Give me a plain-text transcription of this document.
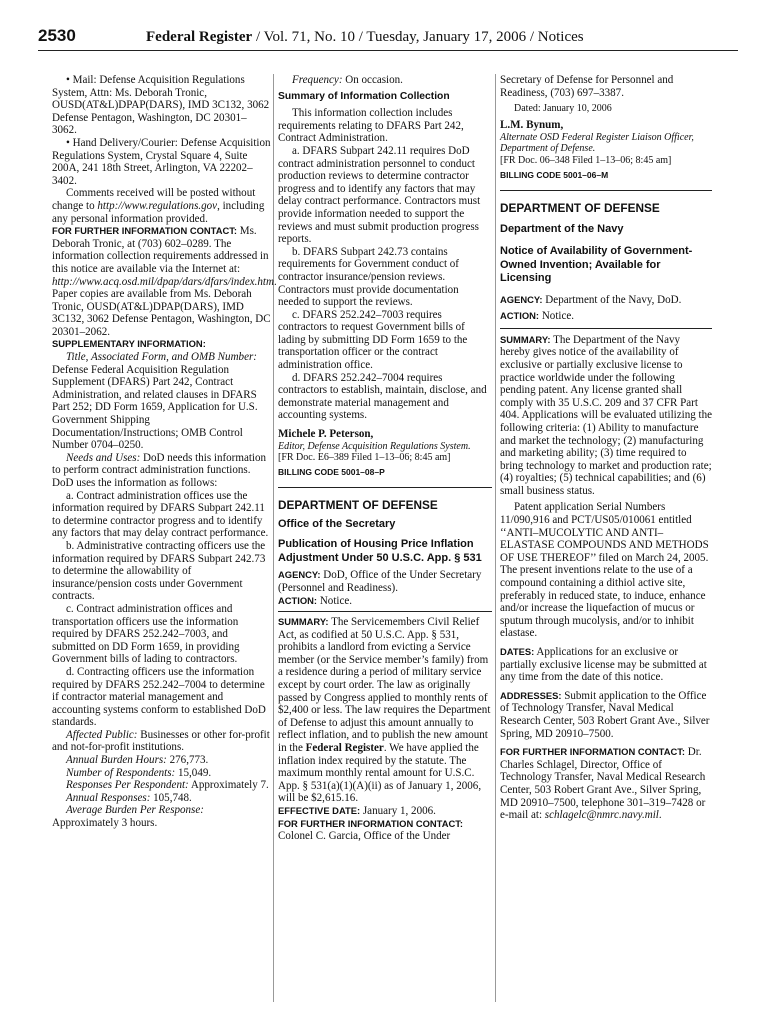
2530	Federal Register / Vol. 71, No. 10 / Tuesday, January 17, 2006 / Notices

• Mail: Defense Acquisition Regulations System, Attn: Ms. Deborah Tronic, OUSD(AT&L)DPAP(DARS), IMD 3C132, 3062 Defense Pentagon, Washington, DC 20301–3062.

• Hand Delivery/Courier: Defense Acquisition Regulations System, Crystal Square 4, Suite 200A, 241 18th Street, Arlington, VA 22202–3402.

Comments received will be posted without change to http://www.regulations.gov, including any personal information provided.

FOR FURTHER INFORMATION CONTACT: Ms. Deborah Tronic, at (703) 602–0289. The information collection requirements addressed in this notice are available via the Internet at: http://www.acq.osd.mil/dpap/dars/dfars/index.htm. Paper copies are available from Ms. Deborah Tronic, OUSD(AT&L)DPAP(DARS), IMD 3C132, 3062 Defense Pentagon, Washington, DC 20301–2062.

SUPPLEMENTARY INFORMATION:

Title, Associated Form, and OMB Number: Defense Federal Acquisition Regulation Supplement (DFARS) Part 242, Contract Administration, and related clauses in DFARS Part 252; DD Form 1659, Application for U.S. Government Shipping Documentation/Instructions; OMB Control Number 0704–0250.

Needs and Uses: DoD needs this information to perform contract administration functions. DoD uses the information as follows:

a. Contract administration offices use the information required by DFARS Subpart 242.11 to determine contractor progress and to identify any factors that may delay contract performance.

b. Administrative contracting officers use the information required by DFARS Subpart 242.73 to determine the allowability of insurance/pension costs under Government contracts.

c. Contract administration offices and transportation officers use the information required by DFARS 252.242–7003, and submitted on DD Form 1659, in providing Government bills of lading to contractors.

d. Contracting officers use the information required by DFARS 252.242–7004 to determine if contractor material management and accounting systems conform to established DoD standards.

Affected Public: Businesses or other for-profit and not-for-profit institutions.

Annual Burden Hours: 276,773.

Number of Respondents: 15,049.

Responses Per Respondent: Approximately 7.

Annual Responses: 105,748.

Average Burden Per Response: Approximately 3 hours.

Frequency: On occasion.

Summary of Information Collection

This information collection includes requirements relating to DFARS Part 242, Contract Administration.

a. DFARS Subpart 242.11 requires DoD contract administration personnel to conduct production reviews to determine contractor progress and to identify any factors that may delay contract performance. Contractors must provide information needed to support the reviews and must submit production progress reports.

b. DFARS Subpart 242.73 contains requirements for Government conduct of contractor insurance/pension reviews. Contractors must provide documentation needed to support the reviews.

c. DFARS 252.242–7003 requires contractors to request Government bills of lading by submitting DD Form 1659 to the transportation officer or the contract administration office.

d. DFARS 252.242–7004 requires contractors to establish, maintain, disclose, and demonstrate material management and accounting systems.

Michele P. Peterson,

Editor, Defense Acquisition Regulations System.

[FR Doc. E6–389 Filed 1–13–06; 8:45 am]

BILLING CODE 5001–08–P

DEPARTMENT OF DEFENSE

Office of the Secretary

Publication of Housing Price Inflation Adjustment Under 50 U.S.C. App. § 531

AGENCY: DoD, Office of the Under Secretary (Personnel and Readiness).

ACTION: Notice.

SUMMARY: The Servicemembers Civil Relief Act, as codified at 50 U.S.C. App. § 531, prohibits a landlord from evicting a Service member (or the Service member’s family) from a residence during a period of military service except by court order. The law as originally passed by Congress applied to monthly rents of $2,400 or less. The law requires the Department of Defense to adjust this amount annually to reflect inflation, and to publish the new amount in the Federal Register. We have applied the inflation index required by the statute. The maximum monthly rental amount for U.S.C. App. § 531(a)(1)(A)(ii) as of January 1, 2006, will be $2,615.16.

EFFECTIVE DATE: January 1, 2006.

FOR FURTHER INFORMATION CONTACT:

Colonel C. Garcia, Office of the Under

Secretary of Defense for Personnel and Readiness, (703) 697–3387.

Dated: January 10, 2006

L.M. Bynum,

Alternate OSD Federal Register Liaison Officer, Department of Defense.

[FR Doc. 06–348 Filed 1–13–06; 8:45 am]

BILLING CODE 5001–06–M

DEPARTMENT OF DEFENSE

Department of the Navy

Notice of Availability of Government-Owned Invention; Available for Licensing

AGENCY: Department of the Navy, DoD.

ACTION: Notice.

SUMMARY: The Department of the Navy hereby gives notice of the availability of exclusive or partially exclusive license to practice worldwide under the following pending patent. Any license granted shall comply with 35 U.S.C. 209 and 37 CFR Part 404. Applications will be evaluated utilizing the following criteria: (1) Ability to manufacture and market the technology; (2) manufacturing and marketing ability; (3) time required to bring technology to market and production rate; (4) royalties; (5) technical capabilities; and (6) small business status.

Patent application Serial Numbers 11/090,916 and PCT/US05/010061 entitled ‘‘ANTI–MUCOLYTIC AND ANTI–ELASTASE COMPOUNDS AND METHODS OF USE THEREOF’’ filed on March 24, 2005. The present inventions relate to the use of a compound containing a dithiol active site, preferably in reduced state, to induce, enhance and/or increase the liquefaction of mucus or sputum through mucolysis, and/or to inhibit elastase.

DATES: Applications for an exclusive or partially exclusive license may be submitted at any time from the date of this notice.

ADDRESSES: Submit application to the Office of Technology Transfer, Naval Medical Research Center, 503 Robert Grant Ave., Silver Spring, MD 20910–7500.

FOR FURTHER INFORMATION CONTACT: Dr. Charles Schlagel, Director, Office of Technology Transfer, Naval Medical Research Center, 503 Robert Grant Ave., Silver Spring, MD 20910–7500, telephone 301–319–7428 or e-mail at: schlagelc@nmrc.navy.mil.
